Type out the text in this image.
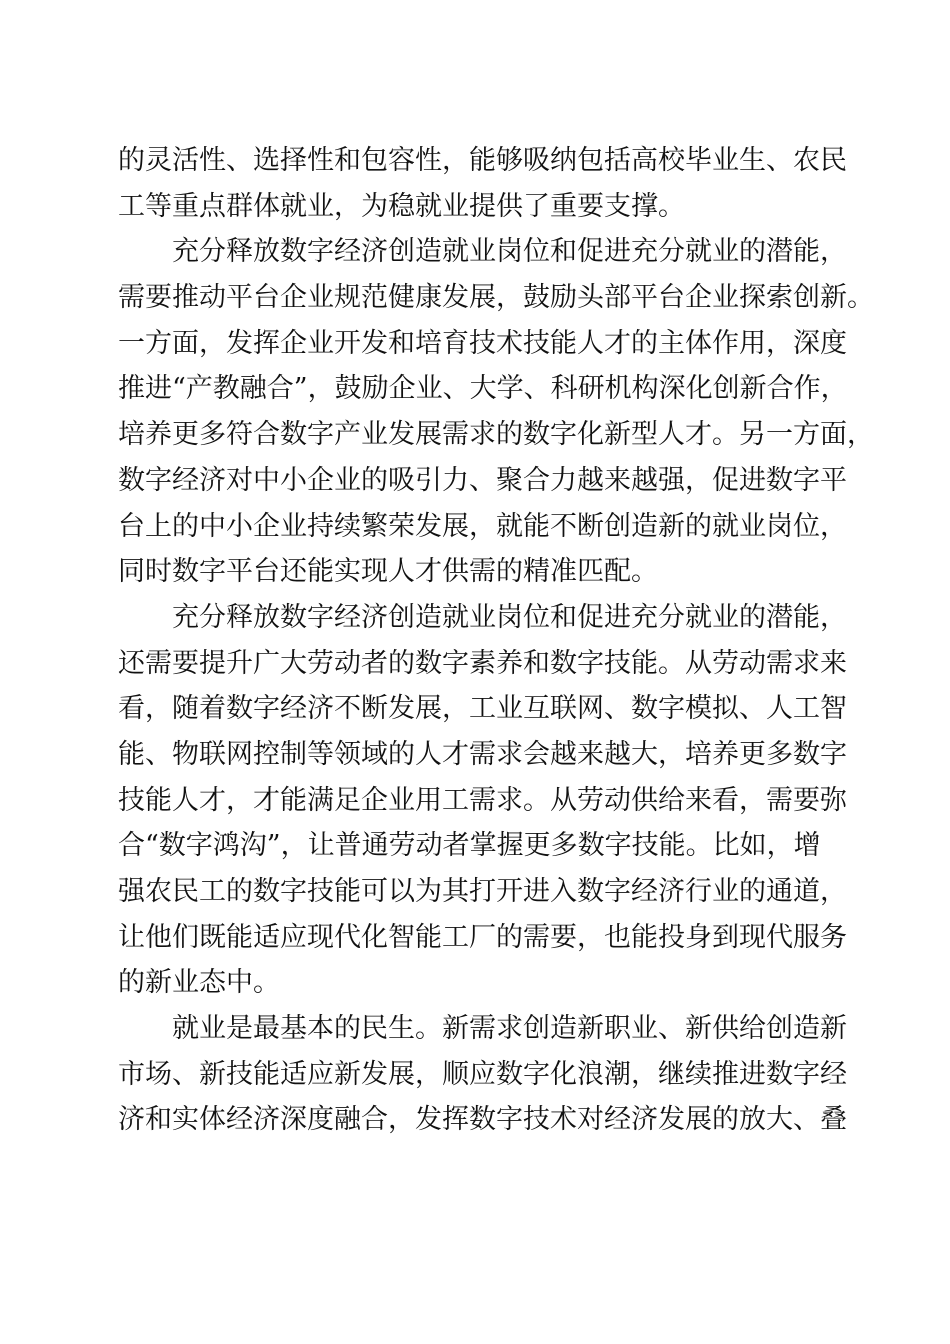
的灵活性、选择性和包容性，能够吸纳包括高校毕业生、农民
工等重点群体就业，为稳就业提供了重要支撑。

充分释放数字经济创造就业岗位和促进充分就业的潜能，
需要推动平台企业规范健康发展，鼓励头部平台企业探索创新。
一方面，发挥企业开发和培育技术技能人才的主体作用，深度
推进“产教融合”，鼓励企业、大学、科研机构深化创新合作，
培养更多符合数字产业发展需求的数字化新型人才。另一方面，
数字经济对中小企业的吸引力、聚合力越来越强，促进数字平
台上的中小企业持续繁荣发展，就能不断创造新的就业岗位，
同时数字平台还能实现人才供需的精准匹配。

充分释放数字经济创造就业岗位和促进充分就业的潜能，
还需要提升广大劳动者的数字素养和数字技能。从劳动需求来
看，随着数字经济不断发展，工业互联网、数字模拟、人工智
能、物联网控制等领域的人才需求会越来越大，培养更多数字
技能人才，才能满足企业用工需求。从劳动供给来看，需要弥
合“数字鸿沟”，让普通劳动者掌握更多数字技能。比如，增
强农民工的数字技能可以为其打开进入数字经济行业的通道，
让他们既能适应现代化智能工厂的需要，也能投身到现代服务
的新业态中。

就业是最基本的民生。新需求创造新职业、新供给创造新
市场、新技能适应新发展，顺应数字化浪潮，继续推进数字经
济和实体经济深度融合，发挥数字技术对经济发展的放大、叠
